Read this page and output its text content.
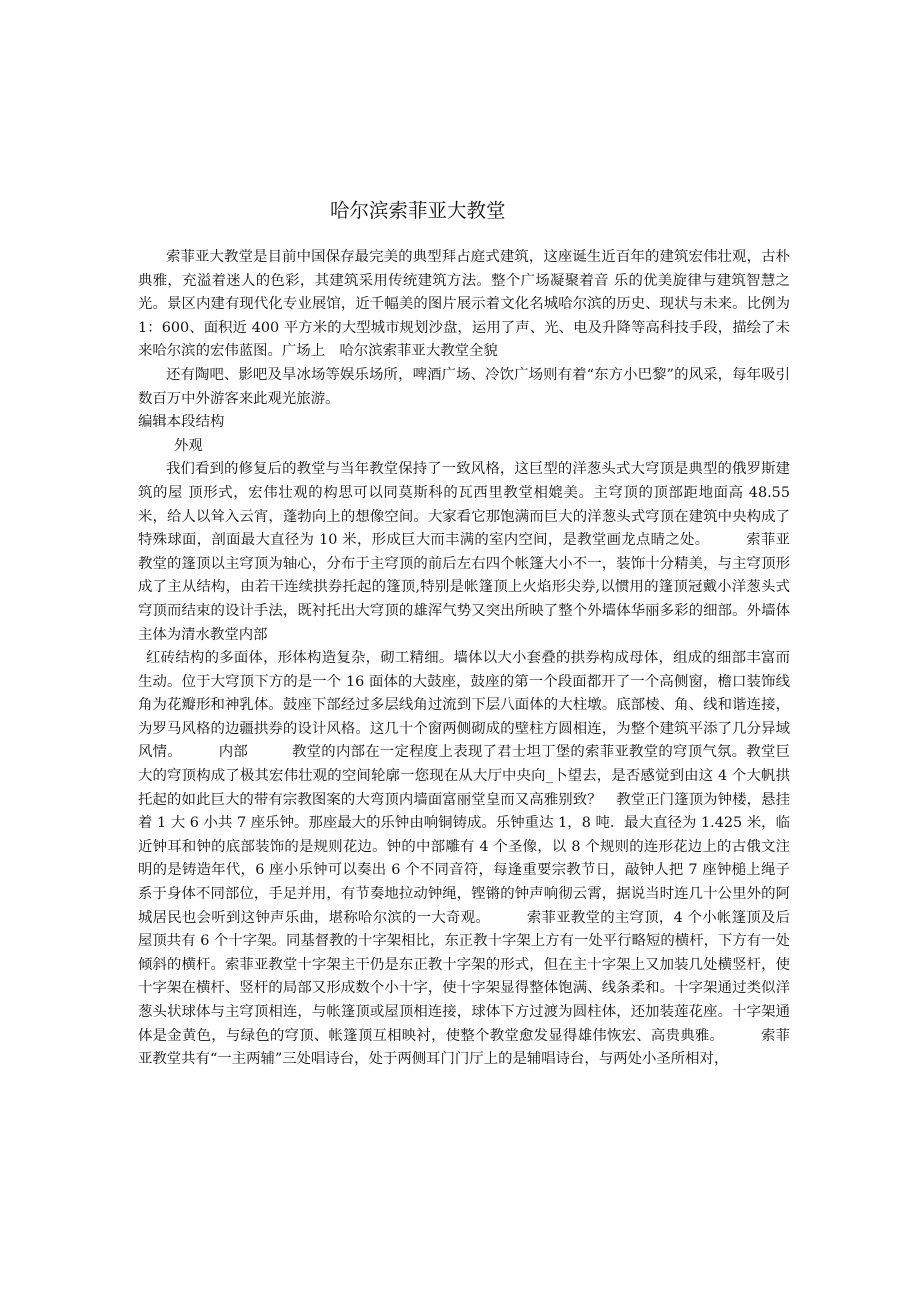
哈尔滨索菲亚大教堂

索菲亚大教堂是目前中国保存最完美的典型拜占庭式建筑，这座诞生近百年的建筑宏伟壮观，古朴典雅，充溢着迷人的色彩，其建筑采用传统建筑方法。整个广场凝聚着音 乐的优美旋律与建筑智慧之光。景区内建有现代化专业展馆，近千幅美的图片展示着文化名城哈尔滨的历史、现状与未来。比例为 1：600、面积近 400 平方米的大型城市规划沙盘，运用了声、光、电及升降等高科技手段，描绘了未来哈尔滨的宏伟蓝图。广场上　哈尔滨索菲亚大教堂全貌

还有陶吧、影吧及旱冰场等娱乐场所，啤酒广场、冷饮广场则有着“东方小巴黎”的风采，每年吸引数百万中外游客来此观光旅游。

编辑本段结构

外观

我们看到的修复后的教堂与当年教堂保持了一致风格，这巨型的洋葱头式大穹顶是典型的俄罗斯建筑的屋 顶形式，宏伟壮观的构思可以同莫斯科的瓦西里教堂相媲美。主穹顶的顶部距地面高 48.55 米，给人以耸入云宵，蓬勃向上的想像空间。大家看它那饱满而巨大的洋葱头式穹顶在建筑中央构成了特殊球面，剖面最大直径为 10 米，形成巨大而丰满的室内空间，是教堂画龙点睛之处。　　　索菲亚教堂的篷顶以主穹顶为轴心，分布于主穹顶的前后左右四个帐篷大小不一，装饰十分精美，与主穹顶形成了主从结构，由若干连续拱券托起的篷顶,特别是帐篷顶上火焰形尖券,以惯用的篷顶冠戴小洋葱头式穹顶而结束的设计手法，既衬托出大穹顶的雄浑气势又突出所映了整个外墙体华丽多彩的细部。外墙体主体为清水教堂内部

红砖结构的多面体，形体构造复杂，砌工精细。墙体以大小套叠的拱券构成母体，组成的细部丰富而生动。位于大穹顶下方的是一个 16 面体的大鼓座，鼓座的第一个段面都开了一个高侧窗，檐口装饰线角为花瓣形和神乳体。鼓座下部经过多层线角过流到下层八面体的大柱墩。底部棱、角、线和谐连接，为罗马风格的边疆拱券的设计风格。这几十个窗两侧砌成的壁柱方圆相连，为整个建筑平添了几分异域风情。　　　内部　　　教堂的内部在一定程度上表现了君士坦丁堡的索菲亚教堂的穹顶气氛。教堂巨大的穹顶构成了极其宏伟壮观的空间轮廓一您现在从大厅中央向_卜望去，是否感觉到由这 4 个大帆拱托起的如此巨大的带有宗教图案的大弯顶内墙面富丽堂皇而又高雅别致？　教堂正门篷顶为钟楼，悬挂着 1 大 6 小共 7 座乐钟。那座最大的乐钟由响铜铸成。乐钟重达 1，8 吨．最大直径为 1.425 米，临近钟耳和钟的底部装饰的是规则花边。钟的中部雕有 4 个圣像，以 8 个规则的连形花边上的古俄文注明的是铸造年代，6 座小乐钟可以奏出 6 个不同音符，每逢重要宗教节日，敲钟人把 7 座钟槌上绳子系于身体不同部位，手足并用，有节奏地拉动钟绳，铿锵的钟声响彻云霄，据说当时连几十公里外的阿城居民也会听到这钟声乐曲，堪称哈尔滨的一大奇观。　　　索菲亚教堂的主穹顶，4 个小帐篷顶及后屋顶共有 6 个十字架。同基督教的十字架相比，东正教十字架上方有一处平行略短的横杆，下方有一处倾斜的横杆。索菲亚教堂十字架主干仍是东正教十字架的形式，但在主十字架上又加装几处横竖杆，使十字架在横杆、竖杆的局部又形成数个小十字，使十字架显得整体饱满、线条柔和。十字架通过类似洋葱头状球体与主穹顶相连，与帐篷顶或屋顶相连接，球体下方过渡为圆柱体，还加装莲花座。十字架通体是金黄色，与绿色的穹顶、帐篷顶互相映衬，使整个教堂愈发显得雄伟恢宏、高贵典雅。　　　索菲亚教堂共有“一主两辅”三处唱诗台，处于两侧耳门门厅上的是辅唱诗台，与两处小圣所相对，
